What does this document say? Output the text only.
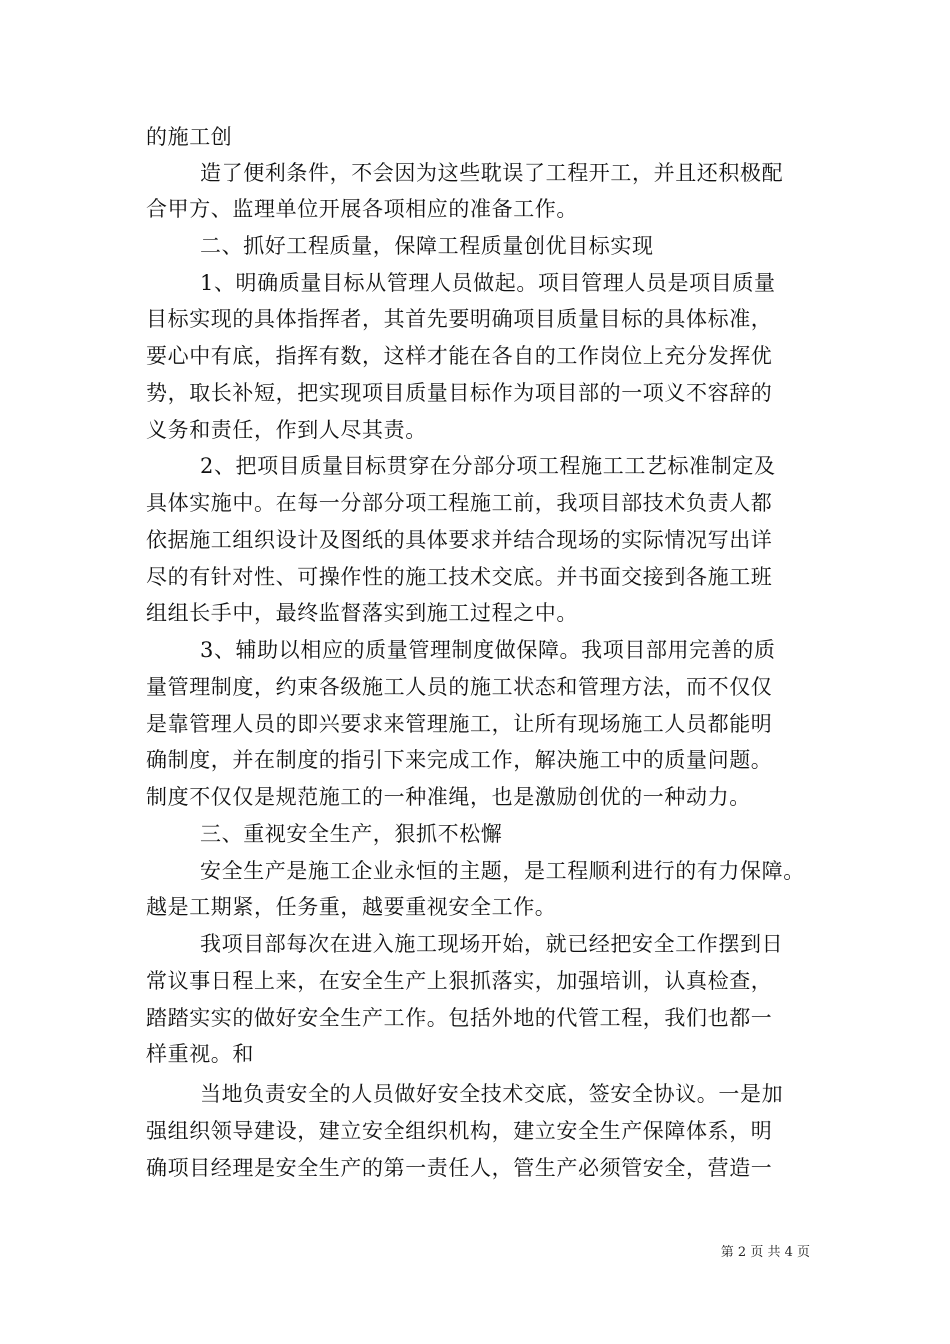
的施工创
造了便利条件，不会因为这些耽误了工程开工，并且还积极配
合甲方、监理单位开展各项相应的准备工作。
二、抓好工程质量，保障工程质量创优目标实现
1、明确质量目标从管理人员做起。项目管理人员是项目质量
目标实现的具体指挥者，其首先要明确项目质量目标的具体标准，
要心中有底，指挥有数，这样才能在各自的工作岗位上充分发挥优
势，取长补短，把实现项目质量目标作为项目部的一项义不容辞的
义务和责任，作到人尽其责。
2、把项目质量目标贯穿在分部分项工程施工工艺标准制定及
具体实施中。在每一分部分项工程施工前，我项目部技术负责人都
依据施工组织设计及图纸的具体要求并结合现场的实际情况写出详
尽的有针对性、可操作性的施工技术交底。并书面交接到各施工班
组组长手中，最终监督落实到施工过程之中。
3、辅助以相应的质量管理制度做保障。我项目部用完善的质
量管理制度，约束各级施工人员的施工状态和管理方法，而不仅仅
是靠管理人员的即兴要求来管理施工，让所有现场施工人员都能明
确制度，并在制度的指引下来完成工作，解决施工中的质量问题。
制度不仅仅是规范施工的一种准绳，也是激励创优的一种动力。
三、重视安全生产，狠抓不松懈
安全生产是施工企业永恒的主题，是工程顺利进行的有力保障。
越是工期紧，任务重，越要重视安全工作。
我项目部每次在进入施工现场开始，就已经把安全工作摆到日
常议事日程上来，在安全生产上狠抓落实，加强培训，认真检查，
踏踏实实的做好安全生产工作。包括外地的代管工程，我们也都一
样重视。和
当地负责安全的人员做好安全技术交底，签安全协议。一是加
强组织领导建设，建立安全组织机构，建立安全生产保障体系，明
确项目经理是安全生产的第一责任人，管生产必须管安全，营造一
第 2 页 共 4 页
